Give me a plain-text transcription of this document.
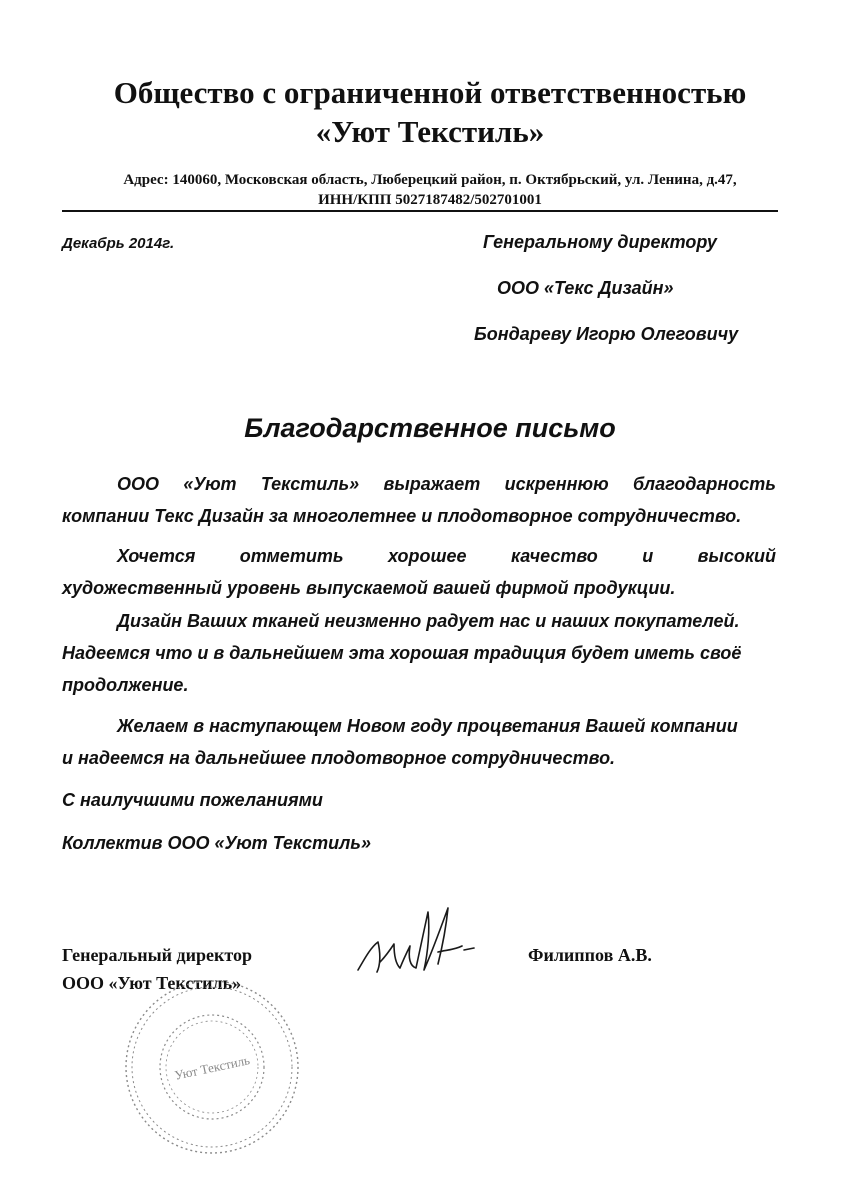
Общество с ограниченной ответственностью
«Уют Текстиль»
Адрес: 140060, Московская область, Люберецкий район, п. Октябрьский, ул. Ленина, д.47,
ИНН/КПП 5027187482/502701001
Декабрь 2014г.	Генеральному директору
ООО «Текс Дизайн»
Бондареву Игорю Олеговичу
Благодарственное письмо
ООО «Уют Текстиль» выражает искреннюю благодарность
компании Текс Дизайн за многолетнее и плодотворное сотрудничество.
Хочется отметить хорошее качество и высокий
художественный уровень выпускаемой вашей фирмой продукции.
Дизайн Ваших тканей неизменно радует нас и наших покупателей.
Надеемся что и в дальнейшем эта хорошая традиция будет иметь своё
продолжение.
Желаем в наступающем Новом году процветания Вашей компании
и надеемся на дальнейшее плодотворное сотрудничество.
С наилучшими пожеланиями
Коллектив ООО «Уют Текстиль»
Генеральный директор
ООО «Уют Текстиль»
Филиппов А.В.
Уют Текстиль
